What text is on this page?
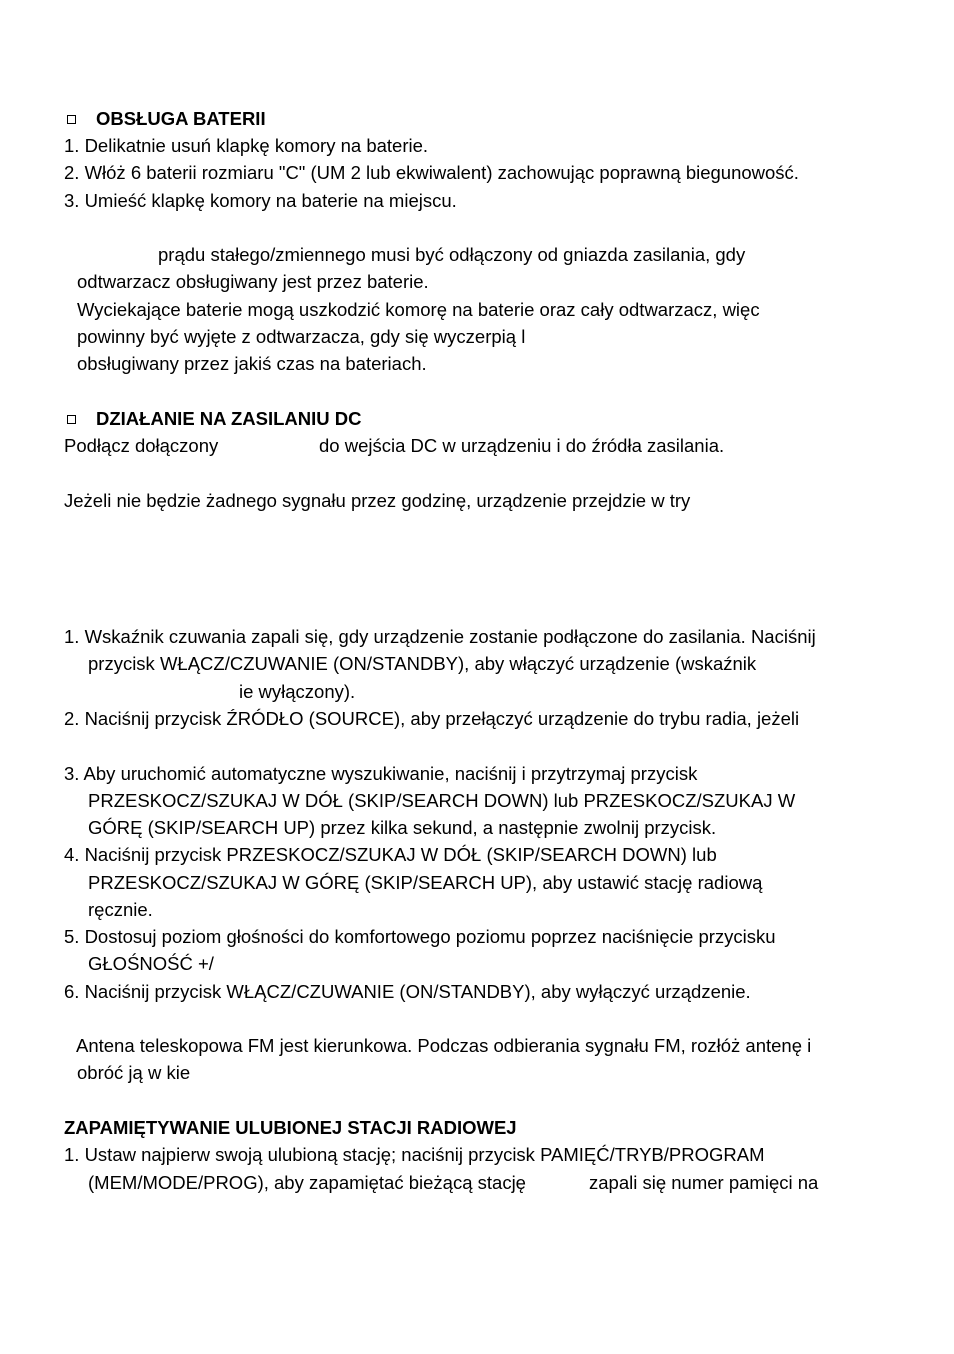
OBSŁUGA BATERII
1. Delikatnie usuń klapkę komory na baterie.
2. Włóż 6 baterii rozmiaru "C" (UM 2 lub ekwiwalent) zachowując poprawną biegunowość.
3. Umieść klapkę komory na baterie na miejscu.
prądu stałego/zmiennego musi być odłączony od gniazda zasilania, gdy
odtwarzacz obsługiwany jest przez baterie.
Wyciekające baterie mogą uszkodzić komorę na baterie oraz cały odtwarzacz, więc
powinny być wyjęte z odtwarzacza, gdy się wyczerpią l
obsługiwany przez jakiś czas na bateriach.
DZIAŁANIE NA ZASILANIU DC
Podłącz dołączony	do wejścia DC w urządzeniu i do źródła zasilania.
Jeżeli nie będzie żadnego sygnału przez godzinę, urządzenie przejdzie w try
1. Wskaźnik czuwania zapali się, gdy urządzenie zostanie podłączone do zasilania. Naciśnij
przycisk WŁĄCZ/CZUWANIE (ON/STANDBY), aby włączyć urządzenie (wskaźnik
ie wyłączony).
2. Naciśnij przycisk ŹRÓDŁO (SOURCE), aby przełączyć urządzenie do trybu radia, jeżeli
3. Aby uruchomić automatyczne wyszukiwanie, naciśnij i przytrzymaj przycisk
PRZESKOCZ/SZUKAJ W DÓŁ (SKIP/SEARCH DOWN) lub PRZESKOCZ/SZUKAJ W
GÓRĘ (SKIP/SEARCH UP) przez kilka sekund, a następnie zwolnij przycisk.
4. Naciśnij przycisk PRZESKOCZ/SZUKAJ W DÓŁ (SKIP/SEARCH DOWN) lub
PRZESKOCZ/SZUKAJ W GÓRĘ (SKIP/SEARCH UP), aby ustawić stację radiową
ręcznie.
5. Dostosuj poziom głośności do komfortowego poziomu poprzez naciśnięcie przycisku
GŁOŚNOŚĆ +/
6. Naciśnij przycisk WŁĄCZ/CZUWANIE (ON/STANDBY), aby wyłączyć urządzenie.
Antena teleskopowa FM jest kierunkowa. Podczas odbierania sygnału FM, rozłóż antenę i
obróć ją w kie
ZAPAMIĘTYWANIE ULUBIONEJ STACJI RADIOWEJ
1. Ustaw najpierw swoją ulubioną stację; naciśnij przycisk PAMIĘĆ/TRYB/PROGRAM
(MEM/MODE/PROG), aby zapamiętać bieżącą stację	zapali się numer pamięci na
